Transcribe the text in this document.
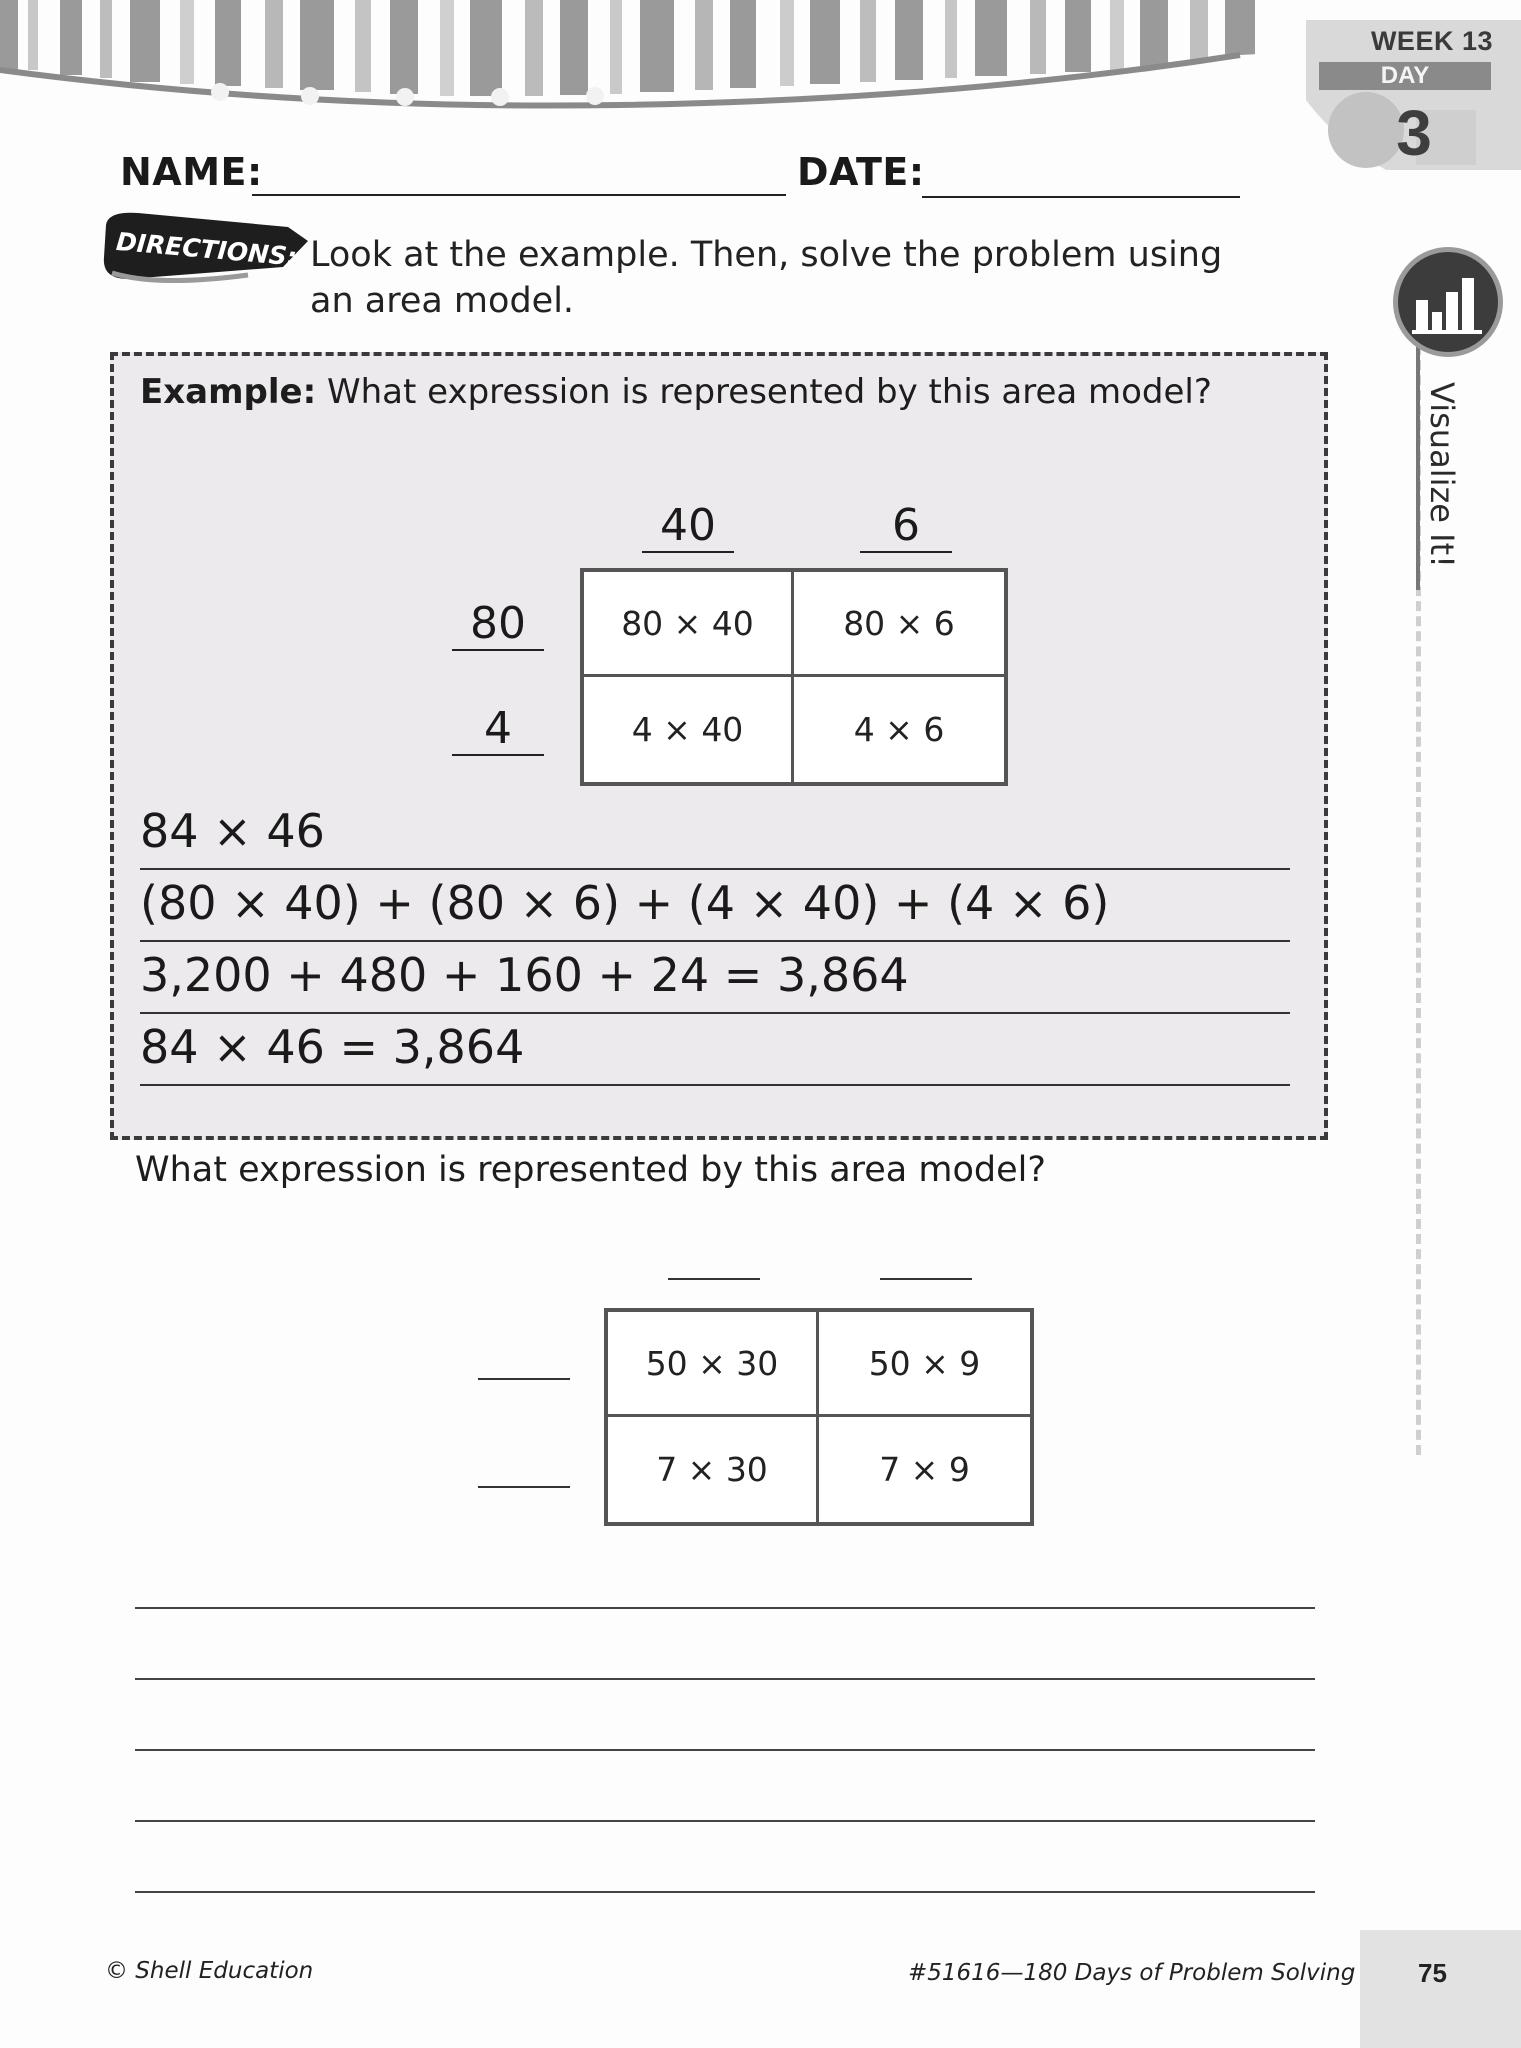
WEEK 13
DAY
3
Visualize It!
NAME:	DATE:
DIRECTIONS: Look at the example. Then, solve the problem using an area model.
Example: What expression is represented by this area model?
40	6
80
4
80 × 40	80 × 6
4 × 40	4 × 6
84 × 46
(80 × 40) + (80 × 6) + (4 × 40) + (4 × 6)
3,200 + 480 + 160 + 24 = 3,864
84 × 46 = 3,864
What expression is represented by this area model?
50 × 30	50 × 9
7 × 30	7 × 9
© Shell Education	#51616—180 Days of Problem Solving 75
